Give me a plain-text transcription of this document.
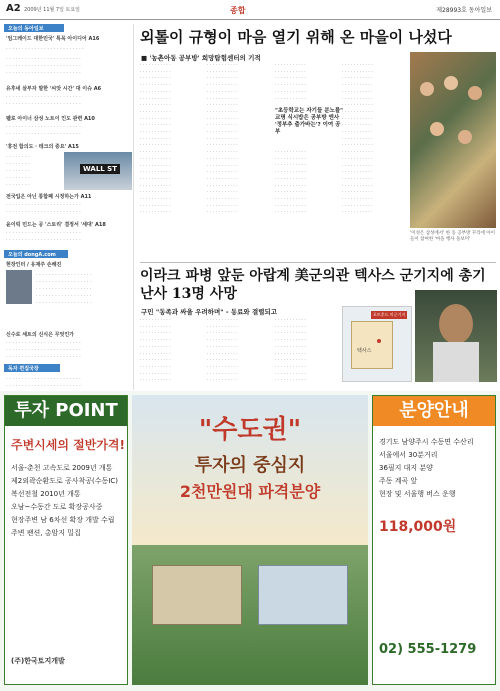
A2 2009년 11월 7일 토요일	종합	제28993호 동아일보
오늘의 동아일보
'엄그레이드 대한민국' 특목 아이디어 A16
· · · · · · · · · · · · · · · · · · · · · · · · ·
· · · · · · · · · · · · · · · · · · · · · · · ·
· · · · · · · · · · · · · · · · · · · · · · · ·
· · · · · · · · · · · · · · · · · · · · · · · ·
유후네 살부자 말한 '씨앗 시간' 대 이슈 A6
· · · · · · · · · · · · · · · · · · · · · · · ·
· · · · · · · · · · · · · · · · · · · · · · · ·
펠로 아이너 삼성 노트이 인도 관련 A10
· · · · · · · · · · · · · · · · · · · · · · · ·
· · · · · · · · · · · · · · · · · · · · · · · ·
'휴전 합의도 · 테크의 중요' A15
WALL ST
· · · · · · · ·
· · · · · · · ·
· · · · · · · ·
· · · · · · · ·
· · · · · · · ·
전국입은 아닌 통합폐 시정하는가 A11
· · · · · · · · · · · · · · · · · · · · · · · ·
· · · · · · · · · · · · · · · · · · · · · · · ·
윤이릭 민드는 공 '스토리' 결정서 '세대' A18
· · · · · · · · · · · · · · · · · · · · · · · ·
· · · · · · · · · · · · · · · · · · · · · · · ·
오늘의 dongA.com
현장인터 / 유재주 손해진
· · · · · · · · · · · · · · · · · ·
· · · · · · · · · · · · · · · · · ·
· · · · · · · · · · · · · · · · · ·
· · · · · · · · · · · · · · · · · ·
· · · · · · · · · · · · · · · · · ·
신수로 세트의 신식은 무엇인가
· · · · · · · · · · · · · · · · · · · · · · · ·
· · · · · · · · · · · · · · · · · · · · · · · ·
· · · · · · · · · · · · · · · · · · · · · · · ·
독자 편집국장
· · · · · · · · · · · · · · · · · · · · · · · ·
· · · · · · · · · · · · · · · · · · · · · · · ·
외톨이 규형이 마음 열기 위해 온 마을이 나섰다
■ '농촌아동 공부방' 희망탐험센터의 기적
· · · · · · · · · · ·
· · · · · · · · · · ·
· · · · · · · · · · ·
· · · · · · · · · · ·
· · · · · · · · · · ·
· · · · · · · · · · ·
· · · · · · · · · · ·
· · · · · · · · · · ·
· · · · · · · · · · ·
· · · · · · · · · · ·
· · · · · · · · · · ·
· · · · · · · · · · ·
· · · · · · · · · · ·
· · · · · · · · · · ·
· · · · · · · · · · ·
· · · · · · · · · · ·
· · · · · · · · · · ·
· · · · · · · · · · ·
· · · · · · · · · · ·
· · · · · · · · · · ·
· · · · · · · · · · ·
· · · · · · · · · · ·
· · · · · · · · · · ·
· · · · · · · · · · ·
· · · · · · · · · · ·
· · · · · · · · · · ·
· · · · · · · · · · ·
· · · · · · · · · · ·
· · · · · · · · · · ·
· · · · · · · · · · ·
· · · · · · · · · · ·
· · · · · · · · · · ·
· · · · · · · · · · ·
· · · · · · · · · · ·
· · · · · · · · · · ·
· · · · · · · · · · ·
· · · · · · · · · · ·
· · · · · · · · · · ·
· · · · · · · · · · ·
· · · · · · · · · · ·
· · · · · · · · · · ·
· · · · · · · · · · ·
· · · · · · · · · · ·
· · · · · · · · · · ·
· · · · · · · · · · ·
· · · · · · · · · · ·
"초등학교는 자기들 분노를" 교명 식시밥은 공부방 엔사 '정부추 출가바는'? 이여 공부
· · · · · · · · · · ·
· · · · · · · · · · ·
· · · · · · · · · · ·
· · · · · · · · · · ·
· · · · · · · · · · ·
· · · · · · · · · · ·
· · · · · · · · · · ·
· · · · · · · · · · ·
· · · · · · · · · · ·
· · · · · · · · · · ·
· · · · · · · · · · ·
· · · · · · · · · · ·
· · · · · · · · · · ·
· · · · · · · · · · ·
· · · · · · · · · · ·
· · · · · · · · · · ·
· · · · · · · · · · ·
· · · · · · · · · · ·
· · · · · · · · · · ·
· · · · · · · · · · ·
· · · · · · · · · · ·
· · · · · · · · · · ·
· · · · · · · · · · ·
· · · · · · · · · · ·
· · · · · · · · · · ·
· · · · · · · · · · ·
· · · · · · · · · · ·
· · · · · · · · · · ·
· · · · · · · · · · ·
· · · · · · · · · · ·
· · · · · · · · · · ·
· · · · · · · · · · ·
· · · · · · · · · · ·
· · · · · · · · · · ·
· · · · · · · · · · ·
· · · · · · · · · · ·
· · · · · · · · · · ·
· · · · · · · · · · ·
· · · · · · · · · · ·
'이성은 삼성에서' 한 동 공부방 꾸리에 아이들이 참여한 '마을 행사 돌보미'
이라크 파병 앞둔 아랍계 美군의관 텍사스 군기지에 총기난사 13명 사망
구민 "동족과 싸울 우려하며" - 동료와 결렬되고
· · · · · · · · · · ·
· · · · · · · · · · ·
· · · · · · · · · · ·
· · · · · · · · · · ·
· · · · · · · · · · ·
· · · · · · · · · · ·
· · · · · · · · · · ·
· · · · · · · · · · ·
· · · · · · · · · · ·
· · · · · · · · · · ·
· · · · · · · · · · ·
· · · · · · · · · · ·
· · · · · · · · · · ·
· · · · · · · · · · ·
· · · · · · · · · · ·
· · · · · · · · · · ·
· · · · · · · · · · ·
· · · · · · · · · · ·
· · · · · · · · · · ·
· · · · · · · · · · ·
· · · · · · · · · · ·
· · · · · · · · · · ·
· · · · · · · · · · ·
· · · · · · · · · · ·
· · · · · · · · · · ·
· · · · · · · · · · ·
· · · · · · · · · · ·
· · · · · · · · · · ·
· · · · · · · · · · ·
· · · · · · · · · · ·
포트후드 미군기지
텍사스
투자 POINT
주변시세의 절반가격!
서울-춘천 고속도로 2009년 개통
제2외곽순환도로 공사착공(수동IC)
복선전철 2010년 개통
오남~수동간 도로 확장공사중
현장주변 남 6차선 확장 개발 수립
주변 팬션, 총암지 밀집
(주)한국토지개발
"수도권"
투자의 중심지
2천만원대 파격분양
분양안내
경기도 남양주시 수동면 수산리
서울에서 30분거리
36필지 대지 분양
주동 계곡 앞
현장 및 서울행 버스 운행
118,000원
02) 555-1279
